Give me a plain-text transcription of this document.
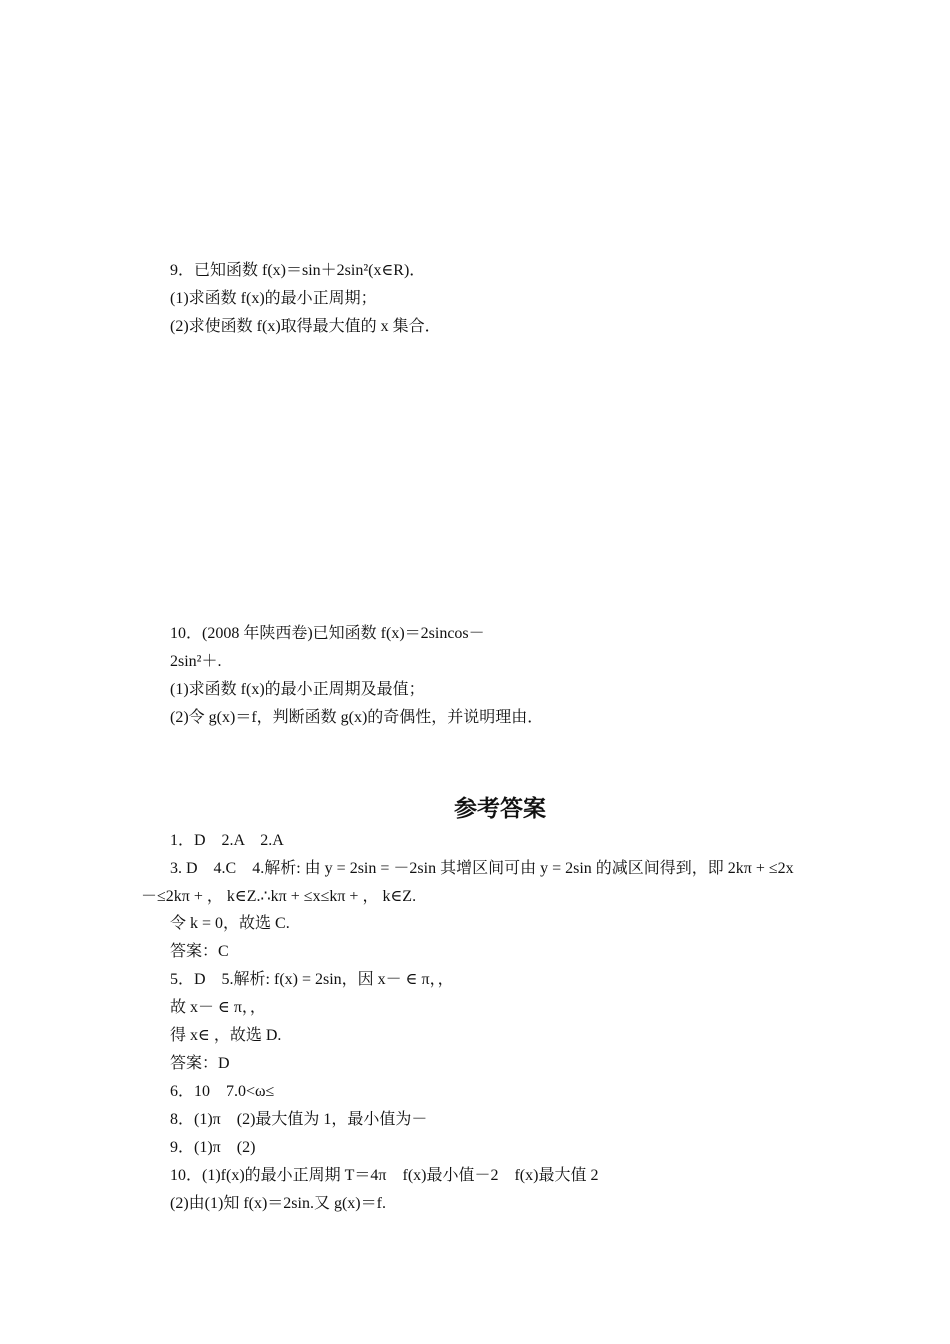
9．已知函数 f(x)＝sin＋2sin²(x∈R)．
(1)求函数 f(x)的最小正周期；
(2)求使函数 f(x)取得最大值的 x 集合．
10．(2008 年陕西卷)已知函数 f(x)＝2sincos－
2sin²＋.
(1)求函数 f(x)的最小正周期及最值；
(2)令 g(x)＝f，判断函数 g(x)的奇偶性，并说明理由．
参考答案
1．D　2.A　2.A
3. D　4.C　4.解析: 由 y = 2sin = －2sin 其增区间可由 y = 2sin 的减区间得到，即 2kπ + ≤2x
－≤2kπ + ， k∈Z.∴kπ + ≤x≤kπ + ， k∈Z.
令 k = 0，故选 C.
答案：C
5．D　5.解析: f(x) = 2sin，因 x－ ∈ π，，
故 x－ ∈ π，，
得 x∈ ，故选 D.
答案：D
6．10　7.0<ω≤
8．(1)π　(2)最大值为 1，最小值为－
9．(1)π　(2)
10．(1)f(x)的最小正周期 T＝4π　f(x)最小值－2　f(x)最大值 2
(2)由(1)知 f(x)＝2sin.又 g(x)＝f.
